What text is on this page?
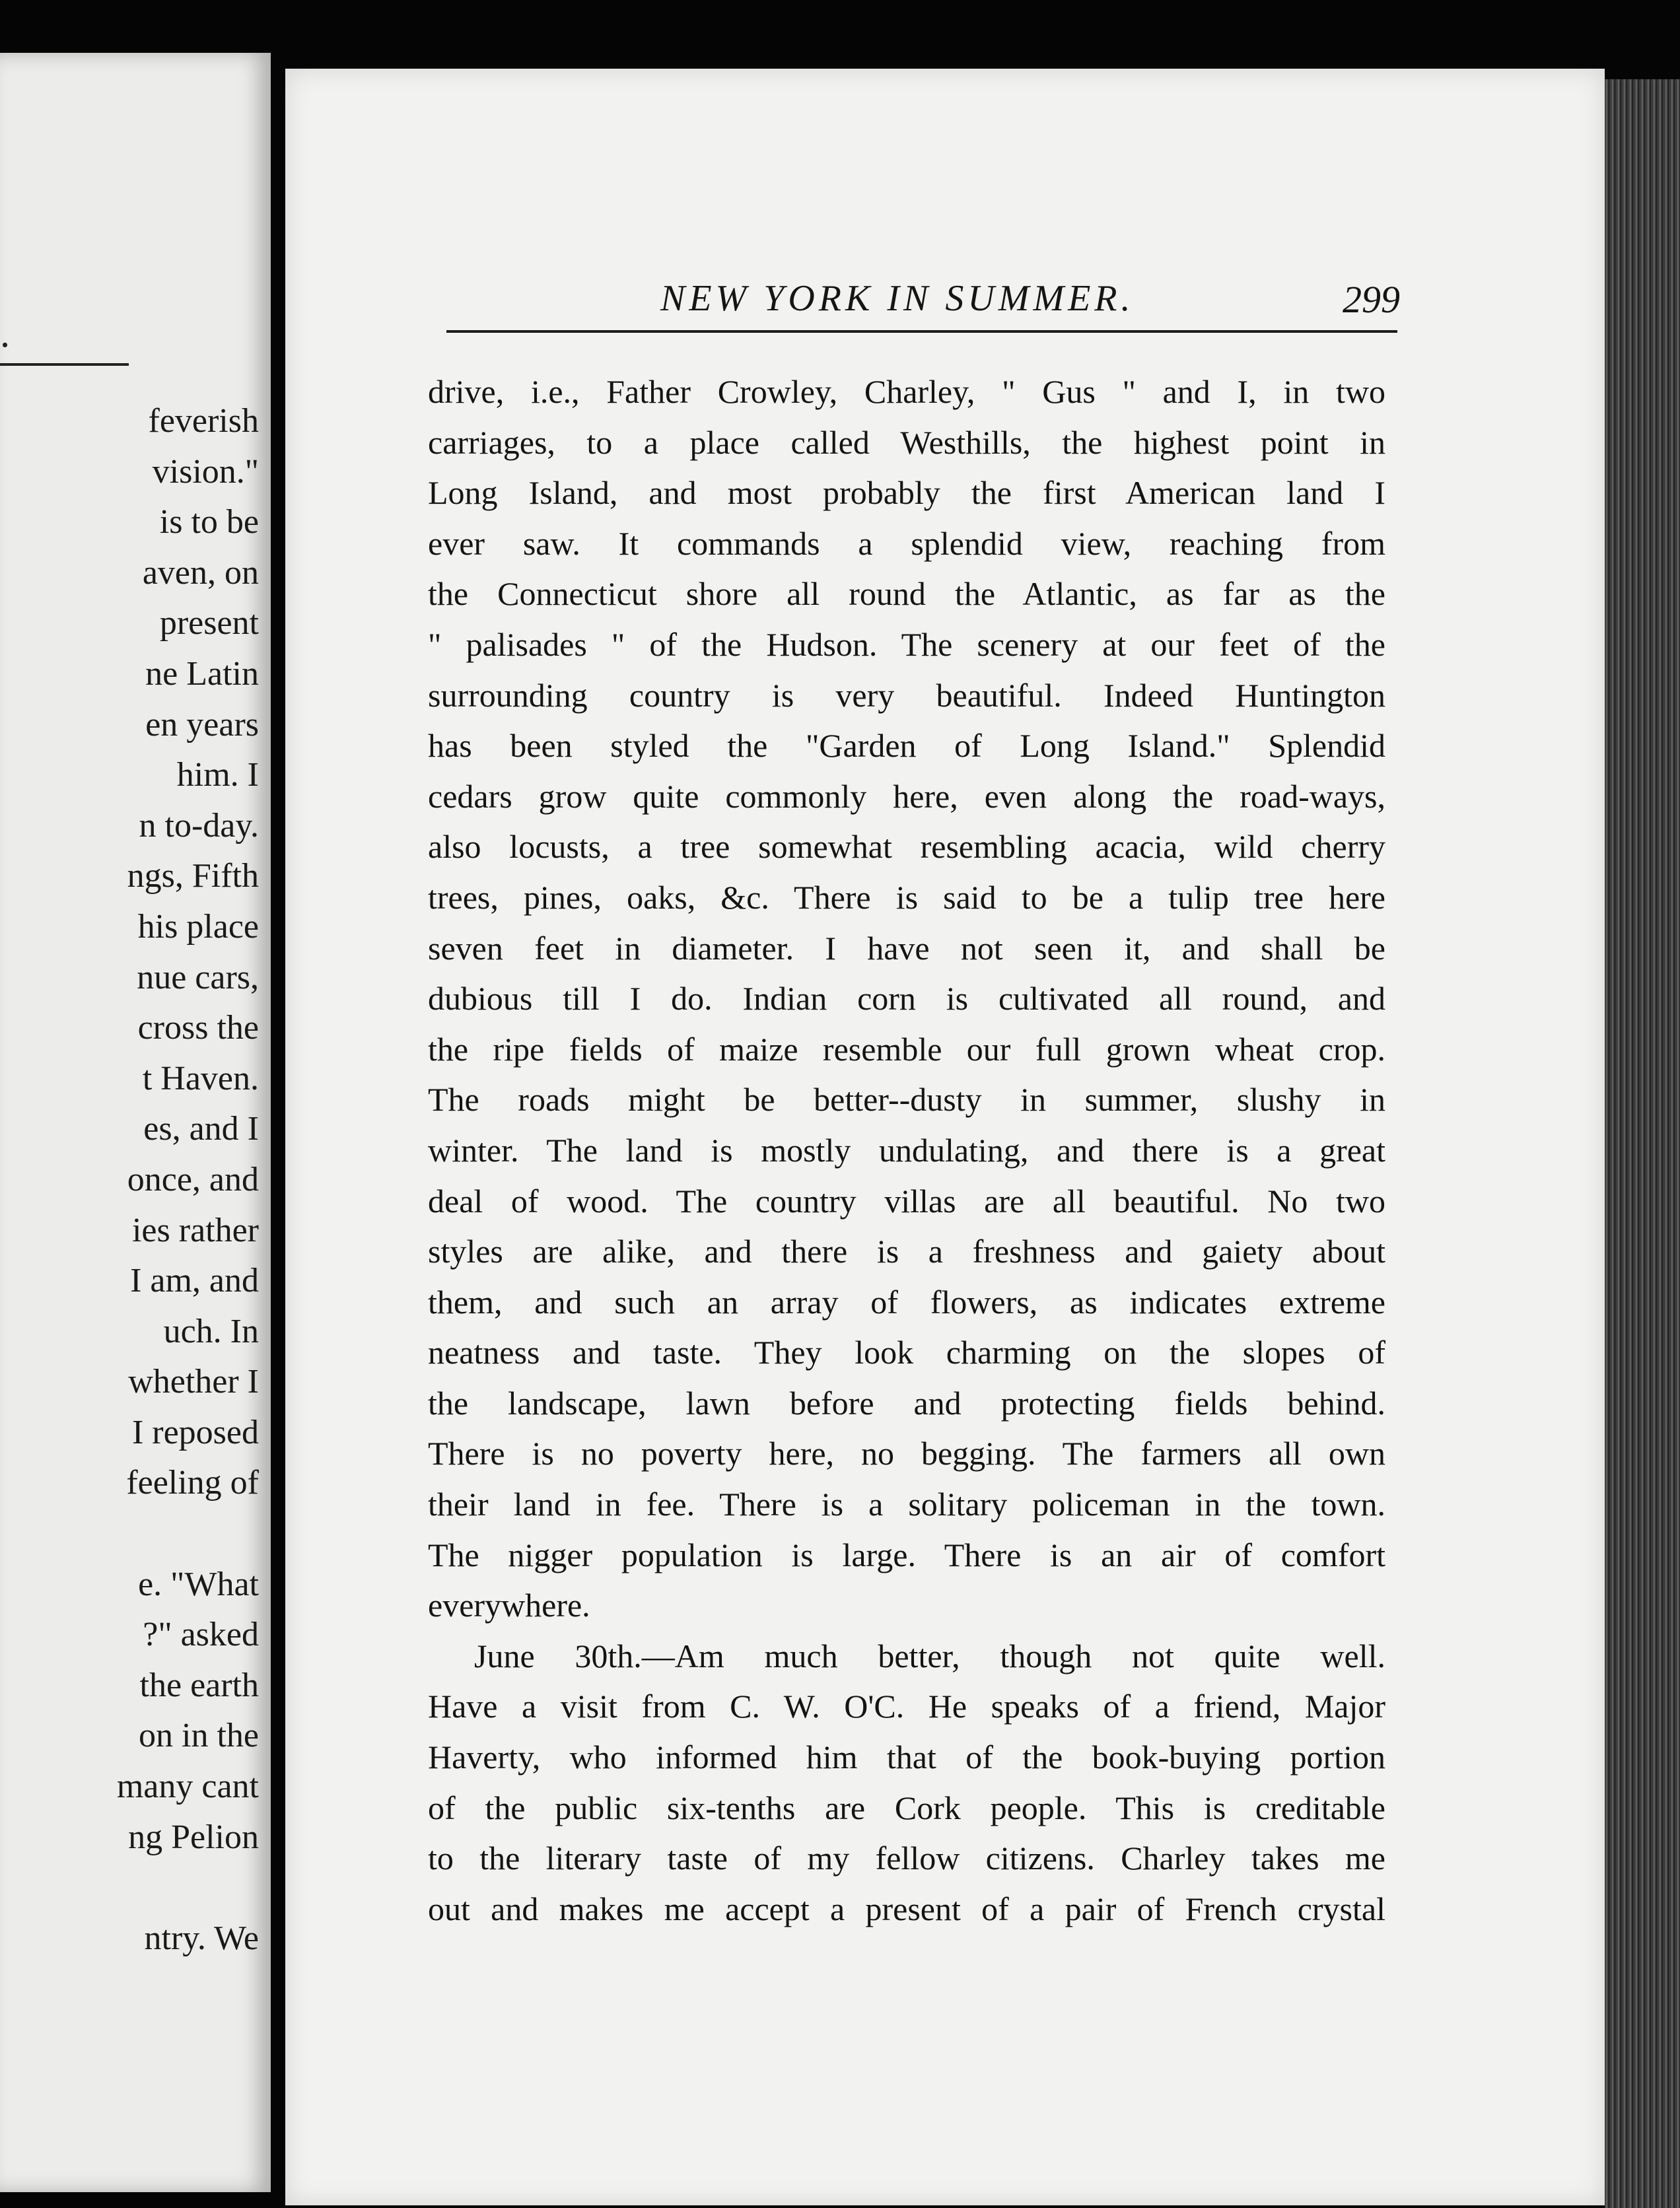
.
feverish
vision."
is to be
aven, on
present
ne Latin
en years
him. I
n to-day.
ngs, Fifth
his place
nue cars,
cross the
t Haven.
es, and I
once, and
ies rather
I am, and
uch. In
whether I
I reposed
feeling of
e. "What
?" asked
the earth
on in the
many cant
ng Pelion
ntry. We
NEW YORK IN SUMMER.	299
drive, i.e., Father Crowley, Charley, " Gus " and I, in two
carriages, to a place called Westhills, the highest point in
Long Island, and most probably the first American land I
ever saw. It commands a splendid view, reaching from
the Connecticut shore all round the Atlantic, as far as the
" palisades " of the Hudson. The scenery at our feet of the
surrounding country is very beautiful. Indeed Huntington
has been styled the "Garden of Long Island." Splendid
cedars grow quite commonly here, even along the road-ways,
also locusts, a tree somewhat resembling acacia, wild cherry
trees, pines, oaks, &c. There is said to be a tulip tree here
seven feet in diameter. I have not seen it, and shall be
dubious till I do. Indian corn is cultivated all round, and
the ripe fields of maize resemble our full grown wheat crop.
The roads might be better--dusty in summer, slushy in
winter. The land is mostly undulating, and there is a great
deal of wood. The country villas are all beautiful. No two
styles are alike, and there is a freshness and gaiety about
them, and such an array of flowers, as indicates extreme
neatness and taste. They look charming on the slopes of
the landscape, lawn before and protecting fields behind.
There is no poverty here, no begging. The farmers all own
their land in fee. There is a solitary policeman in the town.
The nigger population is large. There is an air of comfort
everywhere.
June 30th.—Am much better, though not quite well.
Have a visit from C. W. O'C. He speaks of a friend, Major
Haverty, who informed him that of the book-buying portion
of the public six-tenths are Cork people. This is creditable
to the literary taste of my fellow citizens. Charley takes me
out and makes me accept a present of a pair of French crystal
